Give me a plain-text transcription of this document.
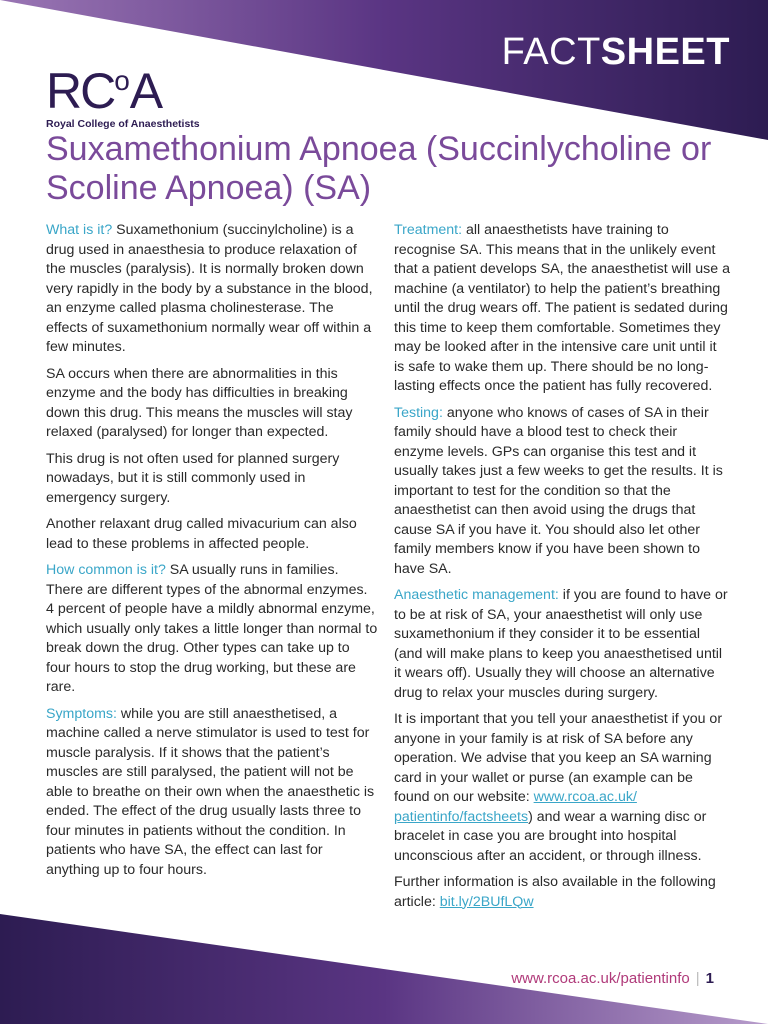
FACTSHEET
$RC^oA$
Royal College of Anaesthetists
Suxamethonium Apnoea (Succinlycholine or Scoline Apnoea) (SA)

What is it? Suxamethonium (succinylcholine) is a drug used in anaesthesia to produce relaxation of the muscles (paralysis). It is normally broken down very rapidly in the body by a substance in the blood, an enzyme called plasma cholinesterase. The effects of suxamethonium normally wear off within a few minutes.

SA occurs when there are abnormalities in this enzyme and the body has difficulties in breaking down this drug. This means the muscles will stay relaxed (paralysed) for longer than expected.

This drug is not often used for planned surgery nowadays, but it is still commonly used in emergency surgery.

Another relaxant drug called mivacurium can also lead to these problems in affected people.

How common is it? SA usually runs in families. There are different types of the abnormal enzymes. 4 percent of people have a mildly abnormal enzyme, which usually only takes a little longer than normal to break down the drug. Other types can take up to four hours to stop the drug working, but these are rare.

Symptoms: while you are still anaesthetised, a machine called a nerve stimulator is used to test for muscle paralysis. If it shows that the patient’s muscles are still paralysed, the patient will not be able to breathe on their own when the anaesthetic is ended. The effect of the drug usually lasts three to four minutes in patients without the condition. In patients who have SA, the effect can last for anything up to four hours.

Treatment: all anaesthetists have training to recognise SA. This means that in the unlikely event that a patient develops SA, the anaesthetist will use a machine (a ventilator) to help the patient’s breathing until the drug wears off. The patient is sedated during this time to keep them comfortable. Sometimes they may be looked after in the intensive care unit until it is safe to wake them up. There should be no long-lasting effects once the patient has fully recovered.

Testing: anyone who knows of cases of SA in their family should have a blood test to check their enzyme levels. GPs can organise this test and it usually takes just a few weeks to get the results. It is important to test for the condition so that the anaesthetist can then avoid using the drugs that cause SA if you have it. You should also let other family members know if you have been shown to have SA.

Anaesthetic management: if you are found to have or to be at risk of SA, your anaesthetist will only use suxamethonium if they consider it to be essential (and will make plans to keep you anaesthetised until it wears off). Usually they will choose an alternative drug to relax your muscles during surgery.

It is important that you tell your anaesthetist if you or anyone in your family is at risk of SA before any operation. We advise that you keep an SA warning card in your wallet or purse (an example can be found on our website: www.rcoa.ac.uk/ patientinfo/factsheets) and wear a warning disc or bracelet in case you are brought into hospital unconscious after an accident, or through illness.

Further information is also available in the following article: bit.ly/2BUfLQw

www.rcoa.ac.uk/patientinfo | 1
